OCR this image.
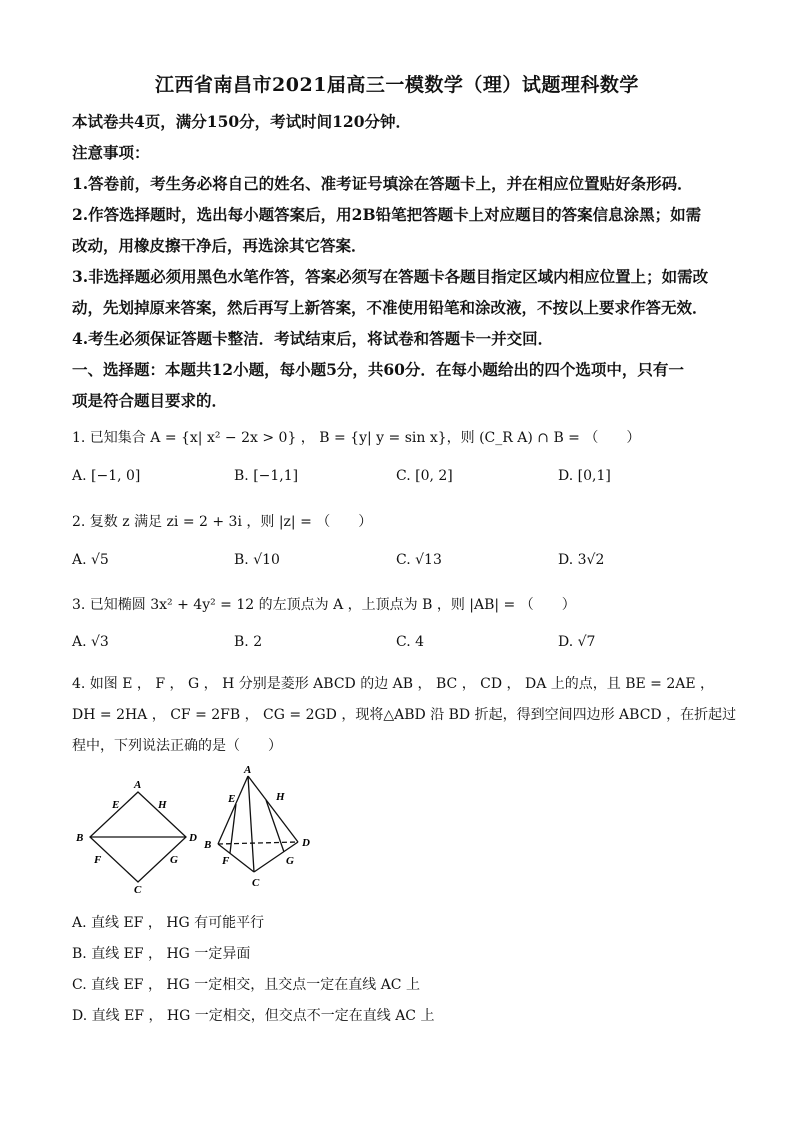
江西省南昌市2021届高三一模数学（理）试题理科数学
本试卷共4页，满分150分，考试时间120分钟．
注意事项：
1.答卷前，考生务必将自己的姓名、准考证号填涂在答题卡上，并在相应位置贴好条形码．
2.作答选择题时，选出每小题答案后，用2B铅笔把答题卡上对应题目的答案信息涂黑；如需
改动，用橡皮擦干净后，再选涂其它答案．
3.非选择题必须用黑色水笔作答，答案必须写在答题卡各题目指定区域内相应位置上；如需改
动，先划掉原来答案，然后再写上新答案，不准使用铅笔和涂改液，不按以上要求作答无效．
4.考生必须保证答题卡整洁．考试结束后，将试卷和答题卡一并交回．
一、选择题：本题共12小题，每小题5分，共60分．在每小题给出的四个选项中，只有一
项是符合题目要求的．
1. 已知集合 A = {x| x² − 2x > 0} ， B = {y| y = sin x}，则 (C_R A) ∩ B = （　　）
A. [−1, 0]	B. [−1,1]	C. [0, 2]	D. [0,1]
2. 复数 z 满足 zi = 2 + 3i ，则 |z| = （　　）
A. √5	B. √10	C. √13	D. 3√2
3. 已知椭圆 3x² + 4y² = 12 的左顶点为 A ，上顶点为 B ，则 |AB| = （　　）
A. √3	B. 2	C. 4	D. √7
4. 如图 E ， F ， G ， H 分别是菱形 ABCD 的边 AB ， BC ， CD ， DA 上的点，且 BE = 2AE ，
DH = 2HA ， CF = 2FB ， CG = 2GD ，现将△ABD 沿 BD 折起，得到空间四边形 ABCD ，在折起过
程中，下列说法正确的是（　　）
A
B
C
D
E
F	G
H
A
B
C
D
E
F	G
H
A. 直线 EF ， HG 有可能平行
B. 直线 EF ， HG 一定异面
C. 直线 EF ， HG 一定相交，且交点一定在直线 AC 上
D. 直线 EF ， HG 一定相交，但交点不一定在直线 AC 上
